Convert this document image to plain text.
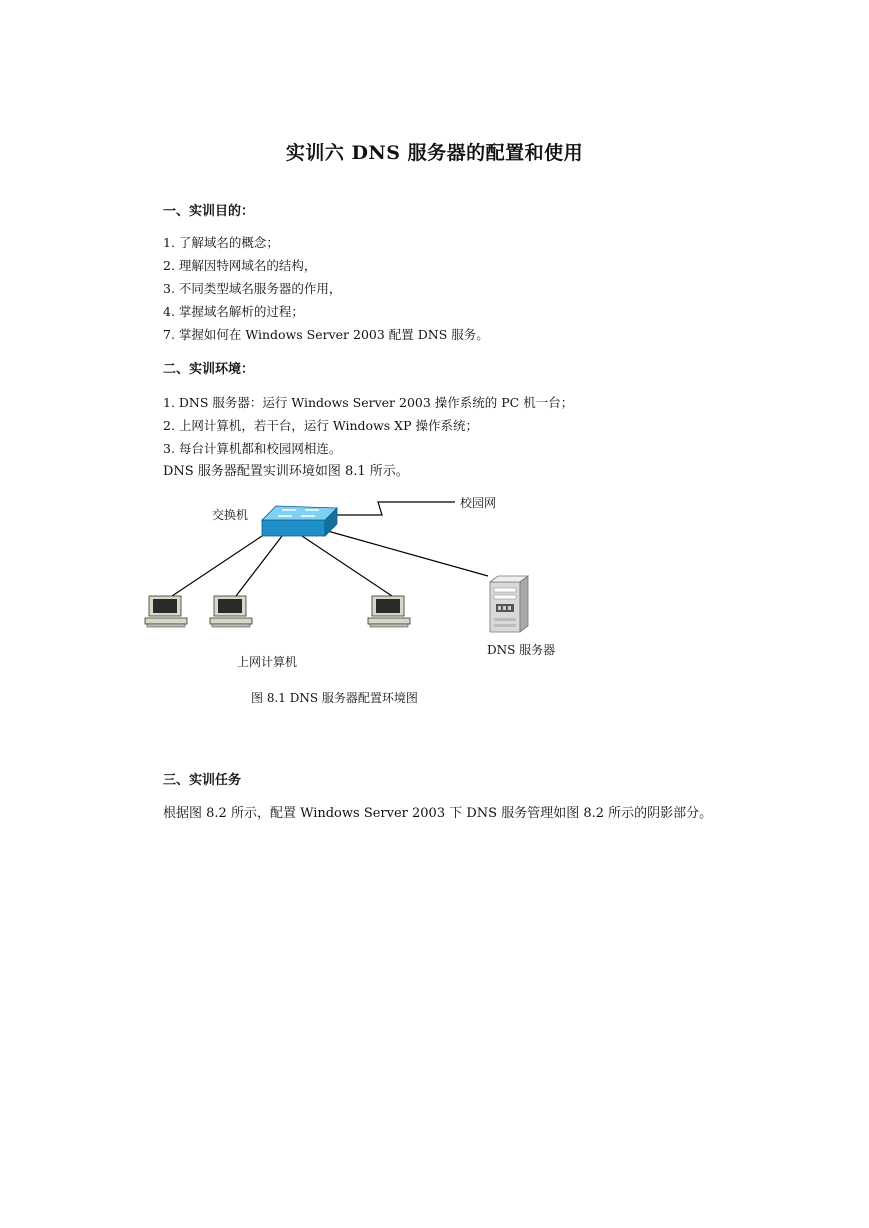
实训六 DNS 服务器的配置和使用
一、实训目的：
1. 了解域名的概念；
2. 理解因特网域名的结构，
3. 不同类型域名服务器的作用，
4. 掌握域名解析的过程；
7. 掌握如何在 Windows Server 2003 配置 DNS 服务。
二、实训环境：
1. DNS 服务器：运行 Windows Server 2003 操作系统的 PC 机一台；
2. 上网计算机，若干台，运行 Windows XP 操作系统；
3. 每台计算机都和校园网相连。
DNS 服务器配置实训环境如图 8.1 所示。
交换机
校园网
DNS 服务器
上网计算机
图 8.1 DNS 服务器配置环境图
三、实训任务
根据图 8.2 所示，配置 Windows Server 2003 下 DNS 服务管理如图 8.2 所示的阴影部分。
